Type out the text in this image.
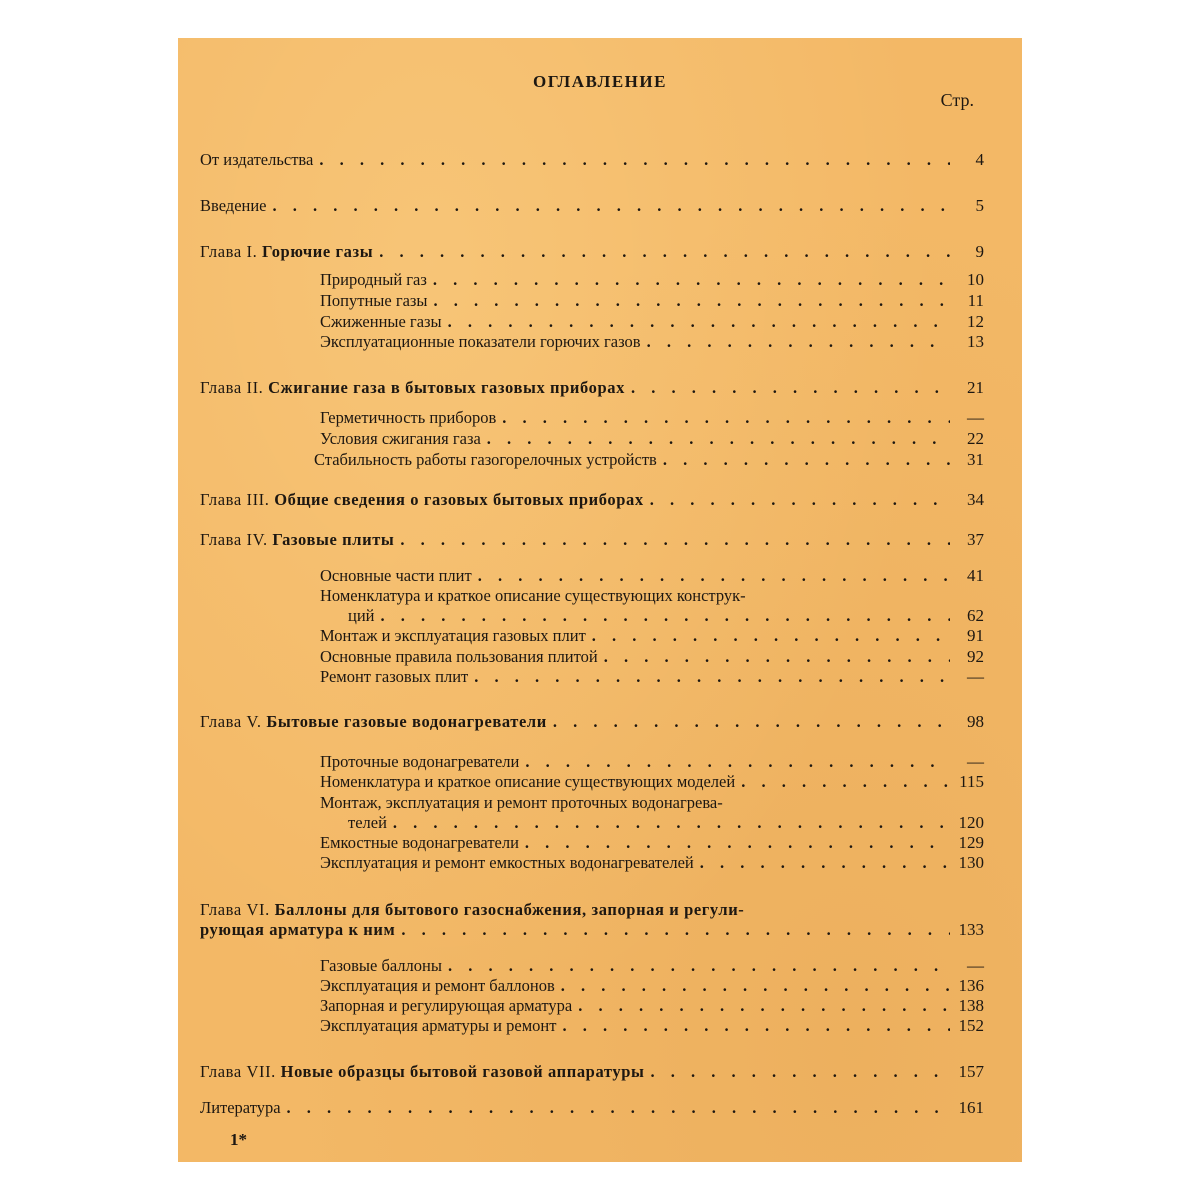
ОГЛАВЛЕНИЕ
Стр.
От издательства . . .	4
Введение . . .	5
Глава I. Горючие газы . . .	9
Природный газ . . .	10
Попутные газы . . .	11
Сжиженные газы . . .	12
Эксплуатационные показатели горючих газов . . .	13
Глава II. Сжигание газа в бытовых газовых приборах . . .	21
Герметичность приборов . . .	—
Условия сжигания газа . . .	22
Стабильность работы газогорелочных устройств . . .	31
Глава III. Общие сведения о газовых бытовых приборах . . .	34
Глава IV. Газовые плиты . . .	37
Основные части плит . . .	41
Номенклатура и краткое описание существующих конструк-
ций . . .	62
Монтаж и эксплуатация газовых плит . . .	91
Основные правила пользования плитой . . .	92
Ремонт газовых плит . . .	—
Глава V. Бытовые газовые водонагреватели . . .	98
Проточные водонагреватели . . .	—
Номенклатура и краткое описание существующих моделей . . .	115
Монтаж, эксплуатация и ремонт проточных водонагрева-
телей . . .	120
Емкостные водонагреватели . . .	129
Эксплуатация и ремонт емкостных водонагревателей . . .	130
Глава VI. Баллоны для бытового газоснабжения, запорная и регули-
рующая арматура к ним . . .	133
Газовые баллоны . . .	—
Эксплуатация и ремонт баллонов . . .	136
Запорная и регулирующая арматура . . .	138
Эксплуатация арматуры и ремонт . . .	152
Глава VII. Новые образцы бытовой газовой аппаратуры . . .	157
Литература . . .	161
1*
